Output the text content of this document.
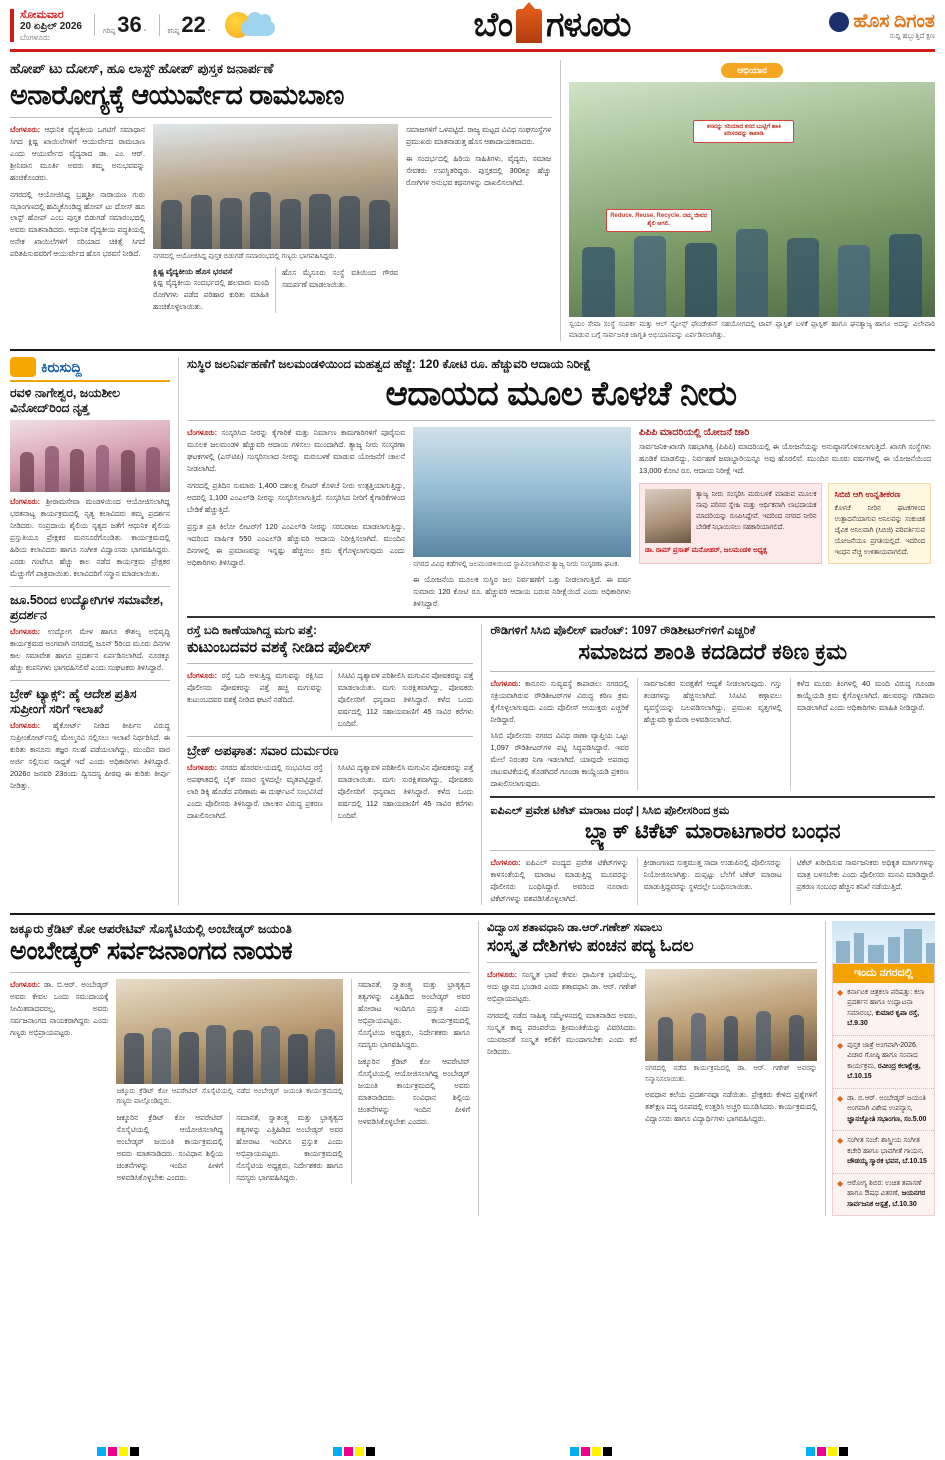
ಸೋಮವಾರ
20 ಏಪ್ರಿಲ್ 2026
ಬೆಂಗಳೂರು
ಗರಿಷ್ಠ 36 °	ಕನಿಷ್ಠ 22 °	ಬೆಂ ಗಳೂರು	ಹೊಸ ದಿಗಂತ
ಸುದ್ದಿ ಹಬ್ಬುತ್ತಿದೆ ಕ್ಷಣ
ಹೋಪ್ ಟು ದೋಸ್, ಹೂ ಲಾಸ್ಟ್ ಹೋಪ್ ಪುಸ್ತಕ ಜನಾರ್ಪಣೆ
ಅನಾರೋಗ್ಯಕ್ಕೆ ಆಯುರ್ವೇದ ರಾಮಬಾಣ
ಬೆಂಗಳೂರು: ಆಧುನಿಕ ವೈದ್ಯಕೀಯ ಒಗಟಿಗೆ ಸಮಾಧಾನ ಸಿಗದ ಕ್ಲಿಷ್ಟ ಖಾಯಿಲೆಗಳಿಗೆ ಆಯುರ್ವೇದ ರಾಮಬಾಣ ಎಂದು ಆಯುರ್ವೇದ ವೈದ್ಯರಾದ ಡಾ. ಎಂ. ಆರ್. ಶ್ರೀನಿವಾಸ ಮೂರ್ತಿ ಅವರು ತಮ್ಮ ಅನುಭವವನ್ನು ಹಂಚಿಕೊಂಡರು.
ನಗರದಲ್ಲಿ ಆಯೋಜಿಸಿದ್ದ ಬ್ರಹ್ಮಶ್ರೀ ನಾರಾಯಣ ಗುರು ಸಭಾಂಗಣದಲ್ಲಿ ಹಮ್ಮಿಕೊಂಡಿದ್ದ ಹೋಪ್ ಟು ದೋಸ್ ಹೂ ಲಾಸ್ಟ್ ಹೋಪ್ ಎಂಬ ಪುಸ್ತಕ ಬಿಡುಗಡೆ ಸಮಾರಂಭದಲ್ಲಿ ಅವರು ಮಾತನಾಡಿದರು. ಆಧುನಿಕ ವೈದ್ಯಕೀಯ ಪದ್ಧತಿಯಲ್ಲಿ ಅನೇಕ ಖಾಯಿಲೆಗಳಿಗೆ ಸರಿಯಾದ ಚಿಕಿತ್ಸೆ ಸಿಗದೆ ಪರಿತಪಿಸುವವರಿಗೆ ಆಯುರ್ವೇದ ಹೊಸ ಭರವಸೆ ನೀಡಿದೆ.	ನಗರದಲ್ಲಿ ಆಯೋಜಿಸಿದ್ದ ಪುಸ್ತಕ ಬಿಡುಗಡೆ ಸಮಾರಂಭದಲ್ಲಿ ಗಣ್ಯರು ಭಾಗವಹಿಸಿದ್ದರು.
ಕ್ಲಿಷ್ಟ ವೈದ್ಯಕೀಯ ಹೊಸ ಭರವಸೆ
ಕ್ಲಿಷ್ಟ ವೈದ್ಯಕೀಯ ಸಂದರ್ಭದಲ್ಲಿ ಹಲವಾರು ಮಂದಿ ರೋಗಿಗಳು ಪಡೆದ ಪರಿಹಾರ ಕುರಿತು ಮಾಹಿತಿ ಹಂಚಿಕೊಳ್ಳಲಾಯಿತು.
ಹೊಸ ಮೈಸೂರು ಸಂಸ್ಥೆ ವತಿಯಿಂದ ಗೌರವ ಸಮರ್ಪಣೆ ಮಾಡಲಾಯಿತು.
ಸಮಾಜಗಳಿಗೆ ಒಳಪಟ್ಟಿದೆ. ರಾಜ್ಯ ಮಟ್ಟದ ವಿವಿಧ ಸಂಘಸಂಸ್ಥೆಗಳ ಪ್ರಮುಖರು ಮಾತನಾಡುತ್ತ ಹೊಸ ಆಶಾದಾಯಕವಾದರು.
ಈ ಸಂದರ್ಭದಲ್ಲಿ ಹಿರಿಯ ಸಾಹಿತಿಗಳು, ವೈದ್ಯರು, ಸಮಾಜ ಸೇವಕರು ಉಪಸ್ಥಿತರಿದ್ದರು. ಪುಸ್ತಕದಲ್ಲಿ 300ಕ್ಕೂ ಹೆಚ್ಚು ರೋಗಿಗಳ ಅನುಭವ ಕಥನಗಳನ್ನು ದಾಖಲಿಸಲಾಗಿದೆ.
ಅಭಿಯಾನ
ಕಸವನ್ನು ಸರಿಯಾದ ಕಸದ ಬುಟ್ಟಿಗೆ ಹಾಕಿ ಪರಿಸರವನ್ನು ಕಾಪಾಡಿ
Reduce. Reuse. Recycle. ನಮ್ಮ ಜೀವನ ಶೈಲಿ ಆಗಲಿ.
ಸ್ವಯಂ ಸೇವಾ ಸಂಸ್ಥೆ ಸಂಪರ್ಕ ಮತ್ತು ಆಲ್ ಸ್ಟೋನ್ಸ್ ಫೌಂಡೇಶನ್ ಸಹಯೋಗದಲ್ಲಿ ಟಾಪ್ ಪ್ಲಾಸ್ಟಿಕ್ ಬಳಕೆ ಪ್ಲಾಸ್ಟಿಕ್ ಹಾಗೂ ಘನತ್ಯಾಜ್ಯ ಹಾಗೂ ಅದನ್ನು ವಿಲೇವಾರಿ ಮಾಡುವ ಬಗ್ಗೆ ಸಾರ್ವಜನಿಕ ಜಾಗೃತಿ ಅಭಿಯಾನವನ್ನು ಏರ್ಪಡಿಸಲಾಗಿತ್ತು.
ಕಿರುಸುದ್ದಿ
ರವಳಿ ನಾಗೇಶ್ವರ, ಜಯಶೀಲ ವಿನೋದ್‌ರಿಂದ ನೃತ್ತ
ಬೆಂಗಳೂರು: ಶ್ರೀರಾಮಸೇವಾ ಮಂಡಳಿಯಿಂದ ಆಯೋಜಿಸಲಾಗಿದ್ದ ಭರತನಾಟ್ಯ ಕಾರ್ಯಕ್ರಮದಲ್ಲಿ ನೃತ್ಯ ಕಲಾವಿದರು ತಮ್ಮ ಪ್ರದರ್ಶನ ನೀಡಿದರು. ಸಂಪ್ರದಾಯ ಶೈಲಿಯ ನೃತ್ಯದ ಜತೆಗೆ ಆಧುನಿಕ ಶೈಲಿಯ ಪ್ರಸ್ತುತಿಯೂ ಪ್ರೇಕ್ಷಕರ ಮನಸೂರೆಗೊಂಡಿತು. ಕಾರ್ಯಕ್ರಮದಲ್ಲಿ ಹಿರಿಯ ಕಲಾವಿದರು ಹಾಗೂ ಸಂಗೀತ ವಿದ್ವಾಂಸರು ಭಾಗವಹಿಸಿದ್ದರು. ಎರಡು ಗಂಟೆಗೂ ಹೆಚ್ಚು ಕಾಲ ನಡೆದ ಕಾರ್ಯಕ್ರಮ ಪ್ರೇಕ್ಷಕರ ಮೆಚ್ಚುಗೆಗೆ ಪಾತ್ರವಾಯಿತು. ಕಲಾವಿದರಿಗೆ ಸನ್ಮಾನ ಮಾಡಲಾಯಿತು.
ಜೂ.5ರಿಂದ ಉದ್ಯೋಗಿಗಳ ಸಮಾವೇಶ, ಪ್ರದರ್ಶನ
ಬೆಂಗಳೂರು: ಉದ್ಯೋಗ ಮೇಳ ಹಾಗೂ ಕೌಶಲ್ಯ ಅಭಿವೃದ್ಧಿ ಕಾರ್ಯಕ್ರಮದ ಅಂಗವಾಗಿ ನಗರದಲ್ಲಿ ಜೂನ್ 5ರಿಂದ ಮೂರು ದಿನಗಳ ಕಾಲ ಸಮಾವೇಶ ಹಾಗೂ ಪ್ರದರ್ಶನ ಏರ್ಪಡಿಸಲಾಗಿದೆ. ನೂರಕ್ಕೂ ಹೆಚ್ಚು ಕಂಪನಿಗಳು ಭಾಗವಹಿಸಲಿವೆ ಎಂದು ಸಂಘಟಕರು ತಿಳಿಸಿದ್ದಾರೆ.
ಬ್ರೇಕ್ ಟ್ಯಾಕ್ಸ್: ಹೈ ಆದೇಶ ಪ್ರತಿಸ ಸುಪ್ರೀಂಗೆ ಸರಿಗೆ ಇಲಾಖೆ
ಬೆಂಗಳೂರು: ಹೈಕೋರ್ಟ್ ನೀಡಿದ ತೀರ್ಪಿನ ವಿರುದ್ಧ ಸುಪ್ರೀಂಕೋರ್ಟ್‌ನಲ್ಲಿ ಮೇಲ್ಮನವಿ ಸಲ್ಲಿಸಲು ಇಲಾಖೆ ನಿರ್ಧರಿಸಿದೆ. ಈ ಕುರಿತು ಕಾನೂನು ತಜ್ಞರ ಸಲಹೆ ಪಡೆಯಲಾಗಿದ್ದು, ಮುಂದಿನ ವಾರ ಅರ್ಜಿ ಸಲ್ಲಿಸುವ ಸಾಧ್ಯತೆ ಇದೆ ಎಂದು ಅಧಿಕಾರಿಗಳು ತಿಳಿಸಿದ್ದಾರೆ. 2026ರ ಜನವರಿ 23ರಂದು ದ್ವಿಸದಸ್ಯ ಪೀಠವು ಈ ಕುರಿತು ತೀರ್ಪು ನೀಡಿತ್ತು.
ಸುಸ್ಥಿರ ಜಲನಿರ್ವಹಣೆಗೆ ಜಲಮಂಡಳಿಯಿಂದ ಮಹತ್ವದ ಹೆಜ್ಜೆ: 120 ಕೋಟಿ ರೂ. ಹೆಚ್ಚುವರಿ ಆದಾಯ ನಿರೀಕ್ಷೆ
ಆದಾಯದ ಮೂಲ ಕೊಳಚೆ ನೀರು
ಬೆಂಗಳೂರು: ಸಂಸ್ಕರಿಸಿದ ನೀರನ್ನು ಕೈಗಾರಿಕೆ ಮತ್ತು ನಿರ್ಮಾಣ ಕಾಮಗಾರಿಗಳಿಗೆ ಪೂರೈಸುವ ಮೂಲಕ ಜಲಮಂಡಳಿ ಹೆಚ್ಚುವರಿ ಆದಾಯ ಗಳಿಸಲು ಮುಂದಾಗಿದೆ. ತ್ಯಾಜ್ಯ ನೀರು ಸಂಸ್ಕರಣಾ ಘಟಕಗಳಲ್ಲಿ (ಎಸ್‌ಟಿಪಿ) ಸಂಸ್ಕರಿಸಲಾದ ನೀರನ್ನು ಮರುಬಳಕೆ ಮಾಡುವ ಯೋಜನೆಗೆ ಚಾಲನೆ ನೀಡಲಾಗಿದೆ.
ನಗರದಲ್ಲಿ ಪ್ರತಿದಿನ ಸುಮಾರು 1,400 ದಶಲಕ್ಷ ಲೀಟರ್ ಕೊಳಚೆ ನೀರು ಉತ್ಪತ್ತಿಯಾಗುತ್ತಿದ್ದು, ಅದರಲ್ಲಿ 1,100 ಎಂಎಲ್‌ಡಿ ನೀರನ್ನು ಸಂಸ್ಕರಿಸಲಾಗುತ್ತಿದೆ. ಸಂಸ್ಕರಿಸಿದ ನೀರಿಗೆ ಕೈಗಾರಿಕೆಗಳಿಂದ ಬೇಡಿಕೆ ಹೆಚ್ಚುತ್ತಿದೆ.
ಪ್ರಸ್ತುತ ಪ್ರತಿ ಕಿಲೋ ಲೀಟರ್‌ಗೆ 120 ಎಂಎಲ್‌ಡಿ ನೀರನ್ನು ಸರಬರಾಜು ಮಾಡಲಾಗುತ್ತಿದ್ದು, ಇದರಿಂದ ವಾರ್ಷಿಕ 550 ಎಂಎಲ್‌ಡಿ ಹೆಚ್ಚುವರಿ ಆದಾಯ ನಿರೀಕ್ಷಿಸಲಾಗಿದೆ. ಮುಂದಿನ ದಿನಗಳಲ್ಲಿ ಈ ಪ್ರಮಾಣವನ್ನು ಇನ್ನಷ್ಟು ಹೆಚ್ಚಿಸಲು ಕ್ರಮ ಕೈಗೊಳ್ಳಲಾಗುವುದು ಎಂದು ಅಧಿಕಾರಿಗಳು ತಿಳಿಸಿದ್ದಾರೆ.	ನಗರದ ವಿವಿಧ ಕಡೆಗಳಲ್ಲಿ ಜಲಮಂಡಳಿಯಿಂದ ಸ್ಥಾಪಿಸಲಾಗಿರುವ ತ್ಯಾಜ್ಯ ನೀರು ಸಂಸ್ಕರಣಾ ಘಟಕ.
ಈ ಯೋಜನೆಯ ಮೂಲಕ ಸುಸ್ಥಿರ ಜಲ ನಿರ್ವಹಣೆಗೆ ಒತ್ತು ನೀಡಲಾಗುತ್ತಿದೆ. ಈ ವರ್ಷ ಸುಮಾರು 120 ಕೋಟಿ ರೂ. ಹೆಚ್ಚುವರಿ ಆದಾಯ ಬರುವ ನಿರೀಕ್ಷೆಯಿದೆ ಎಂದು ಅಧಿಕಾರಿಗಳು ತಿಳಿಸಿದ್ದಾರೆ.
ಪಿಪಿಪಿ ಮಾದರಿಯಲ್ಲಿ ಯೋಜನೆ ಜಾರಿ
ಸಾರ್ವಜನಿಕ-ಖಾಸಗಿ ಸಹಭಾಗಿತ್ವ (ಪಿಪಿಪಿ) ಮಾದರಿಯಲ್ಲಿ ಈ ಯೋಜನೆಯನ್ನು ಅನುಷ್ಠಾನಗೊಳಿಸಲಾಗುತ್ತಿದೆ. ಖಾಸಗಿ ಸಂಸ್ಥೆಗಳು ಹೂಡಿಕೆ ಮಾಡಲಿದ್ದು, ನಿರ್ವಹಣೆ ಜವಾಬ್ದಾರಿಯನ್ನೂ ಅವು ಹೊರಲಿವೆ. ಮುಂದಿನ ಮೂರು ವರ್ಷಗಳಲ್ಲಿ ಈ ಯೋಜನೆಯಿಂದ 13,000 ಕೋಟಿ ರೂ. ಆದಾಯ ನಿರೀಕ್ಷೆ ಇದೆ.
ತ್ಯಾಜ್ಯ ನೀರು ಸಂಸ್ಕರಿಸಿ ಮರುಬಳಕೆ ಮಾಡುವ ಮೂಲಕ ನಾವು ಪರಿಸರ ಸ್ನೇಹಿ ಮತ್ತು ಆರ್ಥಿಕವಾಗಿ ಲಾಭದಾಯಕ ಮಾದರಿಯನ್ನು ರೂಪಿಸಿದ್ದೇವೆ. ಇದರಿಂದ ನಗರದ ನೀರಿನ ಬೇಡಿಕೆ ನಿಭಾಯಿಸಲು ಸಹಕಾರಿಯಾಗಲಿದೆ.
ಡಾ. ರಾಮ್ ಪ್ರಸಾತ್ ಮನೋಹರ್, ಜಲಮಂಡಳಿ ಅಧ್ಯಕ್ಷ
ಸಿಬಿಜಿ ಆಗಿ ಉನ್ನತೀಕರಣ
ಕೊಳಚೆ ನೀರಿನ ಘಟಕಗಳಿಂದ ಉತ್ಪಾದನೆಯಾಗುವ ಅನಿಲವನ್ನು ಸಂಕುಚಿತ ಜೈವಿಕ ಅನಿಲವಾಗಿ (ಸಿಬಿಜಿ) ಪರಿವರ್ತಿಸುವ ಯೋಜನೆಯೂ ಪ್ರಗತಿಯಲ್ಲಿದೆ. ಇದರಿಂದ ಇಂಧನ ವೆಚ್ಚ ಉಳಿತಾಯವಾಗಲಿದೆ.
ರಸ್ತೆ ಬದಿ ಕಾಣೆಯಾಗಿದ್ದ ಮಗು ಪತ್ತೆ:
ಕುಟುಂಬದವರ ವಶಕ್ಕೆ ನೀಡಿದ ಪೊಲೀಸ್
ಬೆಂಗಳೂರು: ರಸ್ತೆ ಬದಿ ಅಳುತ್ತಿದ್ದ ಮಗುವನ್ನು ರಕ್ಷಿಸಿದ ಪೊಲೀಸರು ಪೋಷಕರನ್ನು ಪತ್ತೆ ಹಚ್ಚಿ ಮಗುವನ್ನು ಕುಟುಂಬದವರ ವಶಕ್ಕೆ ನೀಡಿದ ಘಟನೆ ನಡೆದಿದೆ.
ಸಿಸಿಟಿವಿ ದೃಶ್ಯಾವಳಿ ಪರಿಶೀಲಿಸಿ ಮಗುವಿನ ಪೋಷಕರನ್ನು ಪತ್ತೆ ಮಾಡಲಾಯಿತು. ಮಗು ಸುರಕ್ಷಿತವಾಗಿದ್ದು, ಪೋಷಕರು ಪೊಲೀಸರಿಗೆ ಧನ್ಯವಾದ ತಿಳಿಸಿದ್ದಾರೆ. ಕಳೆದ ಒಂದು ವರ್ಷದಲ್ಲಿ 112 ಸಹಾಯವಾಣಿಗೆ 45 ಸಾವಿರ ಕರೆಗಳು ಬಂದಿವೆ.
ಬ್ರೇಕ್ ಅಪಘಾತ: ಸವಾರ ದುರ್ಮರಣ
ಬೆಂಗಳೂರು: ನಗರದ ಹೊರವಲಯದಲ್ಲಿ ಸಂಭವಿಸಿದ ರಸ್ತೆ ಅಪಘಾತದಲ್ಲಿ ಬೈಕ್ ಸವಾರ ಸ್ಥಳದಲ್ಲೇ ಮೃತಪಟ್ಟಿದ್ದಾರೆ. ಲಾರಿ ಡಿಕ್ಕಿ ಹೊಡೆದ ಪರಿಣಾಮ ಈ ದುರ್ಘಟನೆ ಸಂಭವಿಸಿದೆ ಎಂದು ಪೊಲೀಸರು ತಿಳಿಸಿದ್ದಾರೆ. ಚಾಲಕನ ವಿರುದ್ಧ ಪ್ರಕರಣ ದಾಖಲಿಸಲಾಗಿದೆ.
ಸಿಸಿಟಿವಿ ದೃಶ್ಯಾವಳಿ ಪರಿಶೀಲಿಸಿ ಮಗುವಿನ ಪೋಷಕರನ್ನು ಪತ್ತೆ ಮಾಡಲಾಯಿತು. ಮಗು ಸುರಕ್ಷಿತವಾಗಿದ್ದು, ಪೋಷಕರು ಪೊಲೀಸರಿಗೆ ಧನ್ಯವಾದ ತಿಳಿಸಿದ್ದಾರೆ. ಕಳೆದ ಒಂದು ವರ್ಷದಲ್ಲಿ 112 ಸಹಾಯವಾಣಿಗೆ 45 ಸಾವಿರ ಕರೆಗಳು ಬಂದಿವೆ.
ರೌಡಿಗಳಿಗೆ ಸಿಸಿಬಿ ಪೊಲೀಸ್ ವಾರೆಂಟ್: 1097 ರೌಡಿಶೀಟರ್‌ಗಳಿಗೆ ಎಚ್ಚರಿಕೆ
ಸಮಾಜದ ಶಾಂತಿ ಕದಡಿದರೆ ಕಠಿಣ ಕ್ರಮ
ಬೆಂಗಳೂರು: ಕಾನೂನು ಸುವ್ಯವಸ್ಥೆ ಕಾಪಾಡಲು ನಗರದಲ್ಲಿ ಸಕ್ರಿಯವಾಗಿರುವ ರೌಡಿಶೀಟರ್‌ಗಳ ವಿರುದ್ಧ ಕಠಿಣ ಕ್ರಮ ಕೈಗೊಳ್ಳಲಾಗುವುದು ಎಂದು ಪೊಲೀಸ್ ಆಯುಕ್ತರು ಎಚ್ಚರಿಕೆ ನೀಡಿದ್ದಾರೆ.
ಸಿಸಿಬಿ ಪೊಲೀಸರು ನಗರದ ವಿವಿಧ ಠಾಣಾ ವ್ಯಾಪ್ತಿಯ ಒಟ್ಟು 1,097 ರೌಡಿಶೀಟರ್‌ಗಳ ಪಟ್ಟಿ ಸಿದ್ಧಪಡಿಸಿದ್ದಾರೆ. ಇವರ ಮೇಲೆ ನಿರಂತರ ನಿಗಾ ಇಡಲಾಗಿದೆ. ಯಾವುದೇ ಅಪರಾಧ ಚಟುವಟಿಕೆಯಲ್ಲಿ ತೊಡಗಿದರೆ ಗೂಂಡಾ ಕಾಯ್ದೆಯಡಿ ಪ್ರಕರಣ ದಾಖಲಿಸಲಾಗುವುದು.
ಸಾರ್ವಜನಿಕರ ಸುರಕ್ಷತೆಗೆ ಆದ್ಯತೆ ನೀಡಲಾಗುವುದು. ಗಸ್ತು ತಂಡಗಳನ್ನು ಹೆಚ್ಚಿಸಲಾಗಿದೆ. ಸಿಸಿಟಿವಿ ಕಣ್ಗಾವಲು ವ್ಯವಸ್ಥೆಯನ್ನು ಬಲಪಡಿಸಲಾಗಿದ್ದು, ಪ್ರಮುಖ ವೃತ್ತಗಳಲ್ಲಿ ಹೆಚ್ಚುವರಿ ಕ್ಯಾಮೆರಾ ಅಳವಡಿಸಲಾಗಿದೆ.
ಕಳೆದ ಮೂರು ತಿಂಗಳಲ್ಲಿ 40 ಮಂದಿ ವಿರುದ್ಧ ಗೂಂಡಾ ಕಾಯ್ದೆಯಡಿ ಕ್ರಮ ಕೈಗೊಳ್ಳಲಾಗಿದೆ. ಹಲವರನ್ನು ಗಡಿಪಾರು ಮಾಡಲಾಗಿದೆ ಎಂದು ಅಧಿಕಾರಿಗಳು ಮಾಹಿತಿ ನೀಡಿದ್ದಾರೆ.
ಐಪಿಎಲ್ ಪ್ರವೇಶ ಟಿಕೆಟ್ ಮಾರಾಟ ದಂಧೆ | ಸಿಸಿಬಿ ಪೊಲೀಸರಿಂದ ಕ್ರಮ
ಬ್ಲ್ಯಾಕ್ ಟಿಕೆಟ್ ಮಾರಾಟಗಾರರ ಬಂಧನ
ಬೆಂಗಳೂರು: ಐಪಿಎಲ್ ಪಂದ್ಯದ ಪ್ರವೇಶ ಟಿಕೆಟ್‌ಗಳನ್ನು ಕಾಳಸಂತೆಯಲ್ಲಿ ಮಾರಾಟ ಮಾಡುತ್ತಿದ್ದ ಮೂವರನ್ನು ಪೊಲೀಸರು ಬಂಧಿಸಿದ್ದಾರೆ. ಅವರಿಂದ ನೂರಾರು ಟಿಕೆಟ್‌ಗಳನ್ನು ವಶಪಡಿಸಿಕೊಳ್ಳಲಾಗಿದೆ.
ಕ್ರೀಡಾಂಗಣದ ಸುತ್ತಮುತ್ತ ಸಾದಾ ಉಡುಪಿನಲ್ಲಿ ಪೊಲೀಸರನ್ನು ನಿಯೋಜಿಸಲಾಗಿತ್ತು. ದುಪ್ಪಟ್ಟು ಬೆಲೆಗೆ ಟಿಕೆಟ್ ಮಾರಾಟ ಮಾಡುತ್ತಿದ್ದವರನ್ನು ಸ್ಥಳದಲ್ಲೇ ಬಂಧಿಸಲಾಯಿತು.
ಟಿಕೆಟ್ ಖರೀದಿಸುವ ಸಾರ್ವಜನಿಕರು ಅಧಿಕೃತ ಮಾರ್ಗಗಳನ್ನು ಮಾತ್ರ ಬಳಸಬೇಕು ಎಂದು ಪೊಲೀಸರು ಮನವಿ ಮಾಡಿದ್ದಾರೆ. ಪ್ರಕರಣ ಸಂಬಂಧ ಹೆಚ್ಚಿನ ತನಿಖೆ ನಡೆಯುತ್ತಿದೆ.
ಜಕ್ಕೂರು ಕ್ರೆಡಿಟ್ ಕೋ ಆಪರೇಟಿವ್ ಸೊಸೈಟಿಯಲ್ಲಿ ಅಂಬೇಡ್ಕರ್ ಜಯಂತಿ
ಅಂಬೇಡ್ಕರ್ ಸರ್ವಜನಾಂಗದ ನಾಯಕ
ಬೆಂಗಳೂರು: ಡಾ. ಬಿ.ಆರ್. ಅಂಬೇಡ್ಕರ್ ಅವರು ಕೇವಲ ಒಂದು ಸಮುದಾಯಕ್ಕೆ ಸೀಮಿತವಾದವರಲ್ಲ, ಅವರು ಸರ್ವಜನಾಂಗದ ನಾಯಕರಾಗಿದ್ದರು ಎಂದು ಗಣ್ಯರು ಅಭಿಪ್ರಾಯಪಟ್ಟರು.
ಜಕ್ಕೂರು ಕ್ರೆಡಿಟ್ ಕೋ ಆಪರೇಟಿವ್ ಸೊಸೈಟಿಯಲ್ಲಿ ನಡೆದ ಅಂಬೇಡ್ಕರ್ ಜಯಂತಿ ಕಾರ್ಯಕ್ರಮದಲ್ಲಿ ಗಣ್ಯರು ಪಾಲ್ಗೊಂಡಿದ್ದರು.
ಜಕ್ಕೂರಿನ ಕ್ರೆಡಿಟ್ ಕೋ ಆಪರೇಟಿವ್ ಸೊಸೈಟಿಯಲ್ಲಿ ಆಯೋಜಿಸಲಾಗಿದ್ದ ಅಂಬೇಡ್ಕರ್ ಜಯಂತಿ ಕಾರ್ಯಕ್ರಮದಲ್ಲಿ ಅವರು ಮಾತನಾಡಿದರು. ಸಂವಿಧಾನ ಶಿಲ್ಪಿಯ ಚಿಂತನೆಗಳನ್ನು ಇಂದಿನ ಪೀಳಿಗೆ ಅಳವಡಿಸಿಕೊಳ್ಳಬೇಕು ಎಂದರು.
ಸಮಾನತೆ, ಸ್ವಾತಂತ್ರ್ಯ ಮತ್ತು ಭ್ರಾತೃತ್ವದ ತತ್ವಗಳನ್ನು ಎತ್ತಿಹಿಡಿದ ಅಂಬೇಡ್ಕರ್ ಅವರ ಹೋರಾಟ ಇಂದಿಗೂ ಪ್ರಸ್ತುತ ಎಂದು ಅಭಿಪ್ರಾಯಪಟ್ಟರು. ಕಾರ್ಯಕ್ರಮದಲ್ಲಿ ಸೊಸೈಟಿಯ ಅಧ್ಯಕ್ಷರು, ನಿರ್ದೇಶಕರು ಹಾಗೂ ಸದಸ್ಯರು ಭಾಗವಹಿಸಿದ್ದರು.
ಸಮಾನತೆ, ಸ್ವಾತಂತ್ರ್ಯ ಮತ್ತು ಭ್ರಾತೃತ್ವದ ತತ್ವಗಳನ್ನು ಎತ್ತಿಹಿಡಿದ ಅಂಬೇಡ್ಕರ್ ಅವರ ಹೋರಾಟ ಇಂದಿಗೂ ಪ್ರಸ್ತುತ ಎಂದು ಅಭಿಪ್ರಾಯಪಟ್ಟರು. ಕಾರ್ಯಕ್ರಮದಲ್ಲಿ ಸೊಸೈಟಿಯ ಅಧ್ಯಕ್ಷರು, ನಿರ್ದೇಶಕರು ಹಾಗೂ ಸದಸ್ಯರು ಭಾಗವಹಿಸಿದ್ದರು.
ಜಕ್ಕೂರಿನ ಕ್ರೆಡಿಟ್ ಕೋ ಆಪರೇಟಿವ್ ಸೊಸೈಟಿಯಲ್ಲಿ ಆಯೋಜಿಸಲಾಗಿದ್ದ ಅಂಬೇಡ್ಕರ್ ಜಯಂತಿ ಕಾರ್ಯಕ್ರಮದಲ್ಲಿ ಅವರು ಮಾತನಾಡಿದರು. ಸಂವಿಧಾನ ಶಿಲ್ಪಿಯ ಚಿಂತನೆಗಳನ್ನು ಇಂದಿನ ಪೀಳಿಗೆ ಅಳವಡಿಸಿಕೊಳ್ಳಬೇಕು ಎಂದರು.
ವಿದ್ವಾಂಸ ಶತಾವಧಾನಿ ಡಾ.ಆರ್.ಗಣೇಶ್ ಸವಾಲು
ಸಂಸ್ಕೃತ ದೇಶಿಗಳು ಪಂಚನ ಪದ್ಯ ಓದಲ
ಬೆಂಗಳೂರು: ಸಂಸ್ಕೃತ ಭಾಷೆ ಕೇವಲ ಧಾರ್ಮಿಕ ಭಾಷೆಯಲ್ಲ, ಅದು ಜ್ಞಾನದ ಭಂಡಾರ ಎಂದು ಶತಾವಧಾನಿ ಡಾ. ಆರ್. ಗಣೇಶ್ ಅಭಿಪ್ರಾಯಪಟ್ಟರು.
ನಗರದಲ್ಲಿ ನಡೆದ ಸಾಹಿತ್ಯ ಸಮ್ಮೇಳನದಲ್ಲಿ ಮಾತನಾಡಿದ ಅವರು, ಸಂಸ್ಕೃತ ಕಾವ್ಯ ಪರಂಪರೆಯ ಶ್ರೀಮಂತಿಕೆಯನ್ನು ವಿವರಿಸಿದರು. ಯುವಜನತೆ ಸಂಸ್ಕೃತ ಕಲಿಕೆಗೆ ಮುಂದಾಗಬೇಕು ಎಂದು ಕರೆ ನೀಡಿದರು.
ನಗರದಲ್ಲಿ ನಡೆದ ಕಾರ್ಯಕ್ರಮದಲ್ಲಿ ಡಾ. ಆರ್. ಗಣೇಶ್ ಅವರನ್ನು ಸನ್ಮಾನಿಸಲಾಯಿತು.
ಅವಧಾನ ಕಲೆಯ ಪ್ರದರ್ಶನವೂ ನಡೆಯಿತು. ಪ್ರೇಕ್ಷಕರು ಕೇಳಿದ ಪ್ರಶ್ನೆಗಳಿಗೆ ತತ್‌ಕ್ಷಣ ಪದ್ಯ ರೂಪದಲ್ಲಿ ಉತ್ತರಿಸಿ ಅಚ್ಚರಿ ಮೂಡಿಸಿದರು. ಕಾರ್ಯಕ್ರಮದಲ್ಲಿ ವಿದ್ವಾಂಸರು ಹಾಗೂ ವಿದ್ಯಾರ್ಥಿಗಳು ಭಾಗವಹಿಸಿದ್ದರು.
ಇಂದು ನಗರದಲ್ಲಿ
◆ ಕರ್ನಾಟಕ ಚಿತ್ರಕಲಾ ಪರಿಷತ್ತು: ಕಲಾ ಪ್ರದರ್ಶನ ಹಾಗೂ ಉದ್ಘಾಟನಾ ಸಮಾರಂಭ, ಕುಮಾರ ಕೃಪಾ ರಸ್ತೆ, ಬೆ.9.30
◆ ಪುಸ್ತಕ ಜಾತ್ರೆ ಅಂಗವಾಗಿ-2026. ವಿಚಾರ ಗೋಷ್ಠಿ ಹಾಗೂ ಸಂವಾದ ಕಾರ್ಯಕ್ರಮ, ರವೀಂದ್ರ ಕಲಾಕ್ಷೇತ್ರ, ಬೆ.10.15
◆ ಡಾ. ಬಿ.ಆರ್. ಅಂಬೇಡ್ಕರ್ ಜಯಂತಿ ಅಂಗವಾಗಿ ವಿಶೇಷ ಉಪನ್ಯಾಸ, ಜ್ಞಾನಜ್ಯೋತಿ ಸಭಾಂಗಣ, ಸಂ.5.00
◆ ಸಂಗೀತ ಸಂಜೆ: ಶಾಸ್ತ್ರೀಯ ಸಂಗೀತ ಕಚೇರಿ ಹಾಗೂ ಭಾವಗೀತೆ ಗಾಯನ, ಚೌಡಯ್ಯ ಸ್ಮಾರಕ ಭವನ, ಬೆ.10.15
◆ ಆರೋಗ್ಯ ಶಿಬಿರ: ಉಚಿತ ತಪಾಸಣೆ ಹಾಗೂ ಔಷಧ ವಿತರಣೆ, ಜಯನಗರ ಸಾರ್ವಜನಿಕ ಆಸ್ಪತ್ರೆ, ಬೆ.10.30
